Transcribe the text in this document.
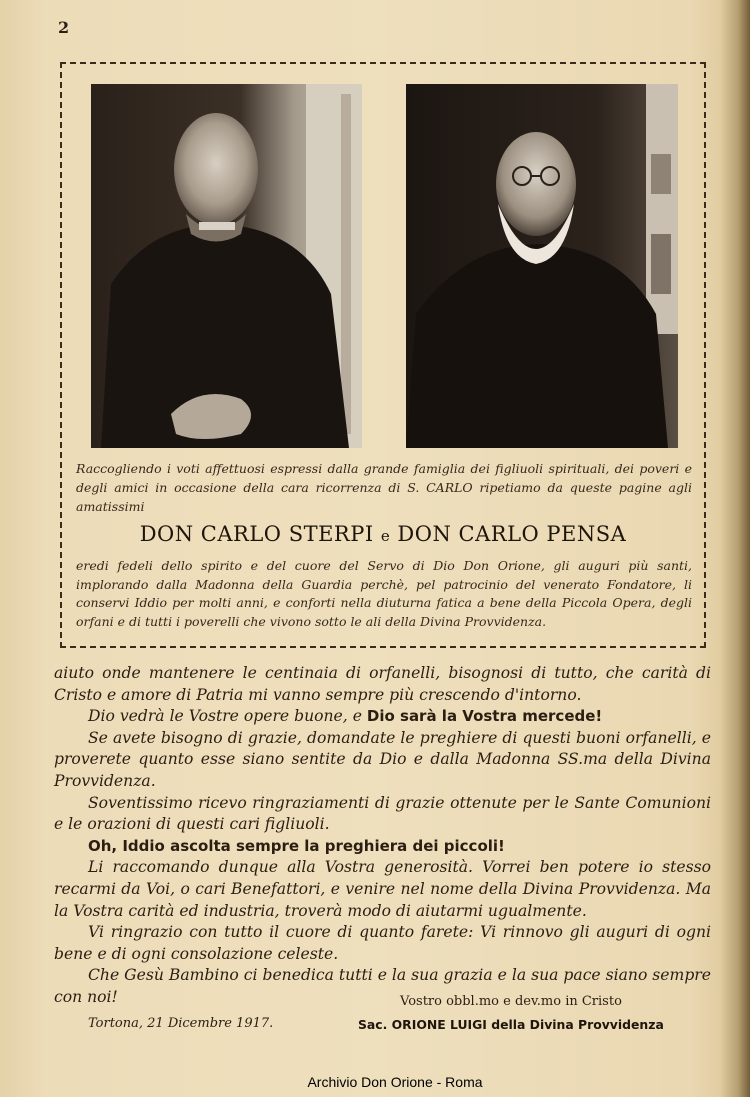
2
Raccogliendo i voti affettuosi espressi dalla grande famiglia dei figliuoli spirituali, dei poveri e degli amici in occasione della cara ricorrenza di S. CARLO ripetiamo da queste pagine agli amatissimi
DON CARLO STERPI e DON CARLO PENSA
eredi fedeli dello spirito e del cuore del Servo di Dio Don Orione, gli auguri più santi, implorando dalla Madonna della Guardia perchè, pel patrocinio del venerato Fondatore, li conservi Iddio per molti anni, e conforti nella diuturna fatica a bene della Piccola Opera, degli orfani e di tutti i poverelli che vivono sotto le ali della Divina Provvidenza.

aiuto onde mantenere le centinaia di orfanelli, bisognosi di tutto, che carità di Cristo e amore di Patria mi vanno sempre più crescendo d'intorno.

Dio vedrà le Vostre opere buone, e Dio sarà la Vostra mercede!

Se avete bisogno di grazie, domandate le preghiere di questi buoni orfanelli, e proverete quanto esse siano sentite da Dio e dalla Madonna SS.ma della Divina Provvidenza.

Soventissimo ricevo ringraziamenti di grazie ottenute per le Sante Comunioni e le orazioni di questi cari figliuoli.

Oh, Iddio ascolta sempre la preghiera dei piccoli!

Li raccomando dunque alla Vostra generosità. Vorrei ben potere io stesso recarmi da Voi, o cari Benefattori, e venire nel nome della Divina Provvidenza. Ma la Vostra carità ed industria, troverà modo di aiutarmi ugualmente.

Vi ringrazio con tutto il cuore di quanto farete: Vi rinnovo gli auguri di ogni bene e di ogni consolazione celeste.

Che Gesù Bambino ci benedica tutti e la sua grazia e la sua pace siano sempre con noi!	Vostro obbl.mo e dev.mo in Cristo
Tortona, 21 Dicembre 1917.	Sac. ORIONE LUIGI della Divina Provvidenza
Archivio Don Orione - Roma
